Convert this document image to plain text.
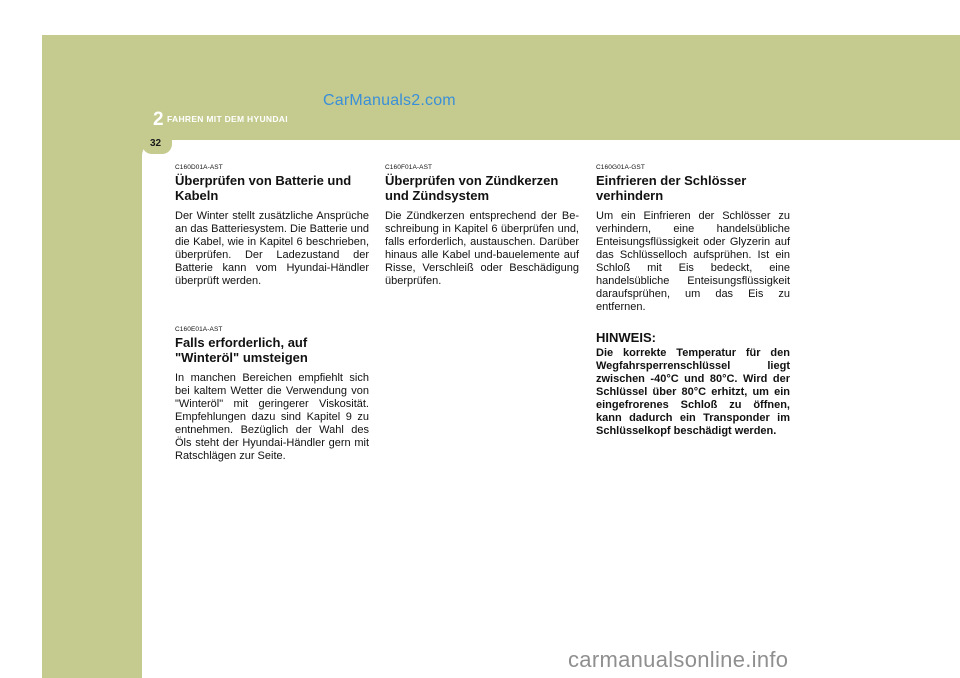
CarManuals2.com
2 FAHREN MIT DEM HYUNDAI
32

C160D01A-AST

Überprüfen von Batterie und Kabeln

Der Winter stellt zusätzliche Ansprüche an das Batteriesystem. Die Batterie und die Kabel, wie in Kapitel 6 beschrieben, überprüfen. Der Ladezustand der Batterie kann vom Hyundai-Händler überprüft werden.

C160E01A-AST

Falls erforderlich, auf "Winteröl" umsteigen

In manchen Bereichen empfiehlt sich bei kaltem Wetter die Verwendung von "Winteröl" mit geringerer Viskosität. Empfehlungen dazu sind Kapitel 9 zu entnehmen. Bezüglich der Wahl des Öls steht der Hyundai-Händler gern mit Ratschlägen zur Seite.

C160F01A-AST

Überprüfen von Zündkerzen und Zündsystem

Die Zündkerzen entsprechend der Be-schreibung in Kapitel 6 überprüfen und, falls erforderlich, austauschen. Darüber hinaus alle Kabel und-bauelemente auf Risse, Verschleiß oder Beschädigung überprüfen.

C160G01A-GST

Einfrieren der Schlösser verhindern

Um ein Einfrieren der Schlösser zu verhindern, eine handelsübliche Enteisungsflüssigkeit oder Glyzerin auf das Schlüsselloch aufsprühen. Ist ein Schloß mit Eis bedeckt, eine handelsübliche Enteisungsflüssigkeit daraufsprühen, um das Eis zu entfernen.

HINWEIS:

Die korrekte Temperatur für den Wegfahrsperrenschlüssel liegt zwischen -40°C und 80°C. Wird der Schlüssel über 80°C erhitzt, um ein eingefrorenes Schloß zu öffnen, kann dadurch ein Transponder im Schlüsselkopf beschädigt werden.

carmanualsonline.info
